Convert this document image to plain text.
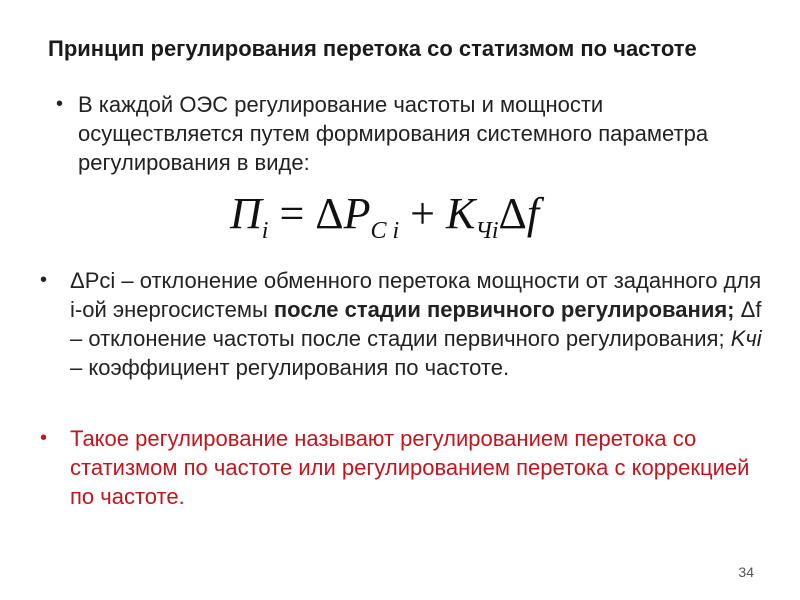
Принцип регулирования перетока со статизмом по частоте
• В каждой ОЭС регулирование частоты и мощности осуществляется путем формирования системного параметра регулирования в виде:
$\Pi_i = \Delta P_{C i} + K_{Чi}\Delta f$
• ΔPci – отклонение обменного перетока мощности от заданного для i-ой энергосистемы после стадии первичного регулирования; Δf – отклонение частоты после стадии первичного регулирования; Kчi – коэффициент регулирования по частоте.
• Такое регулирование называют регулированием перетока со статизмом по частоте или регулированием перетока с коррекцией по частоте.
34
